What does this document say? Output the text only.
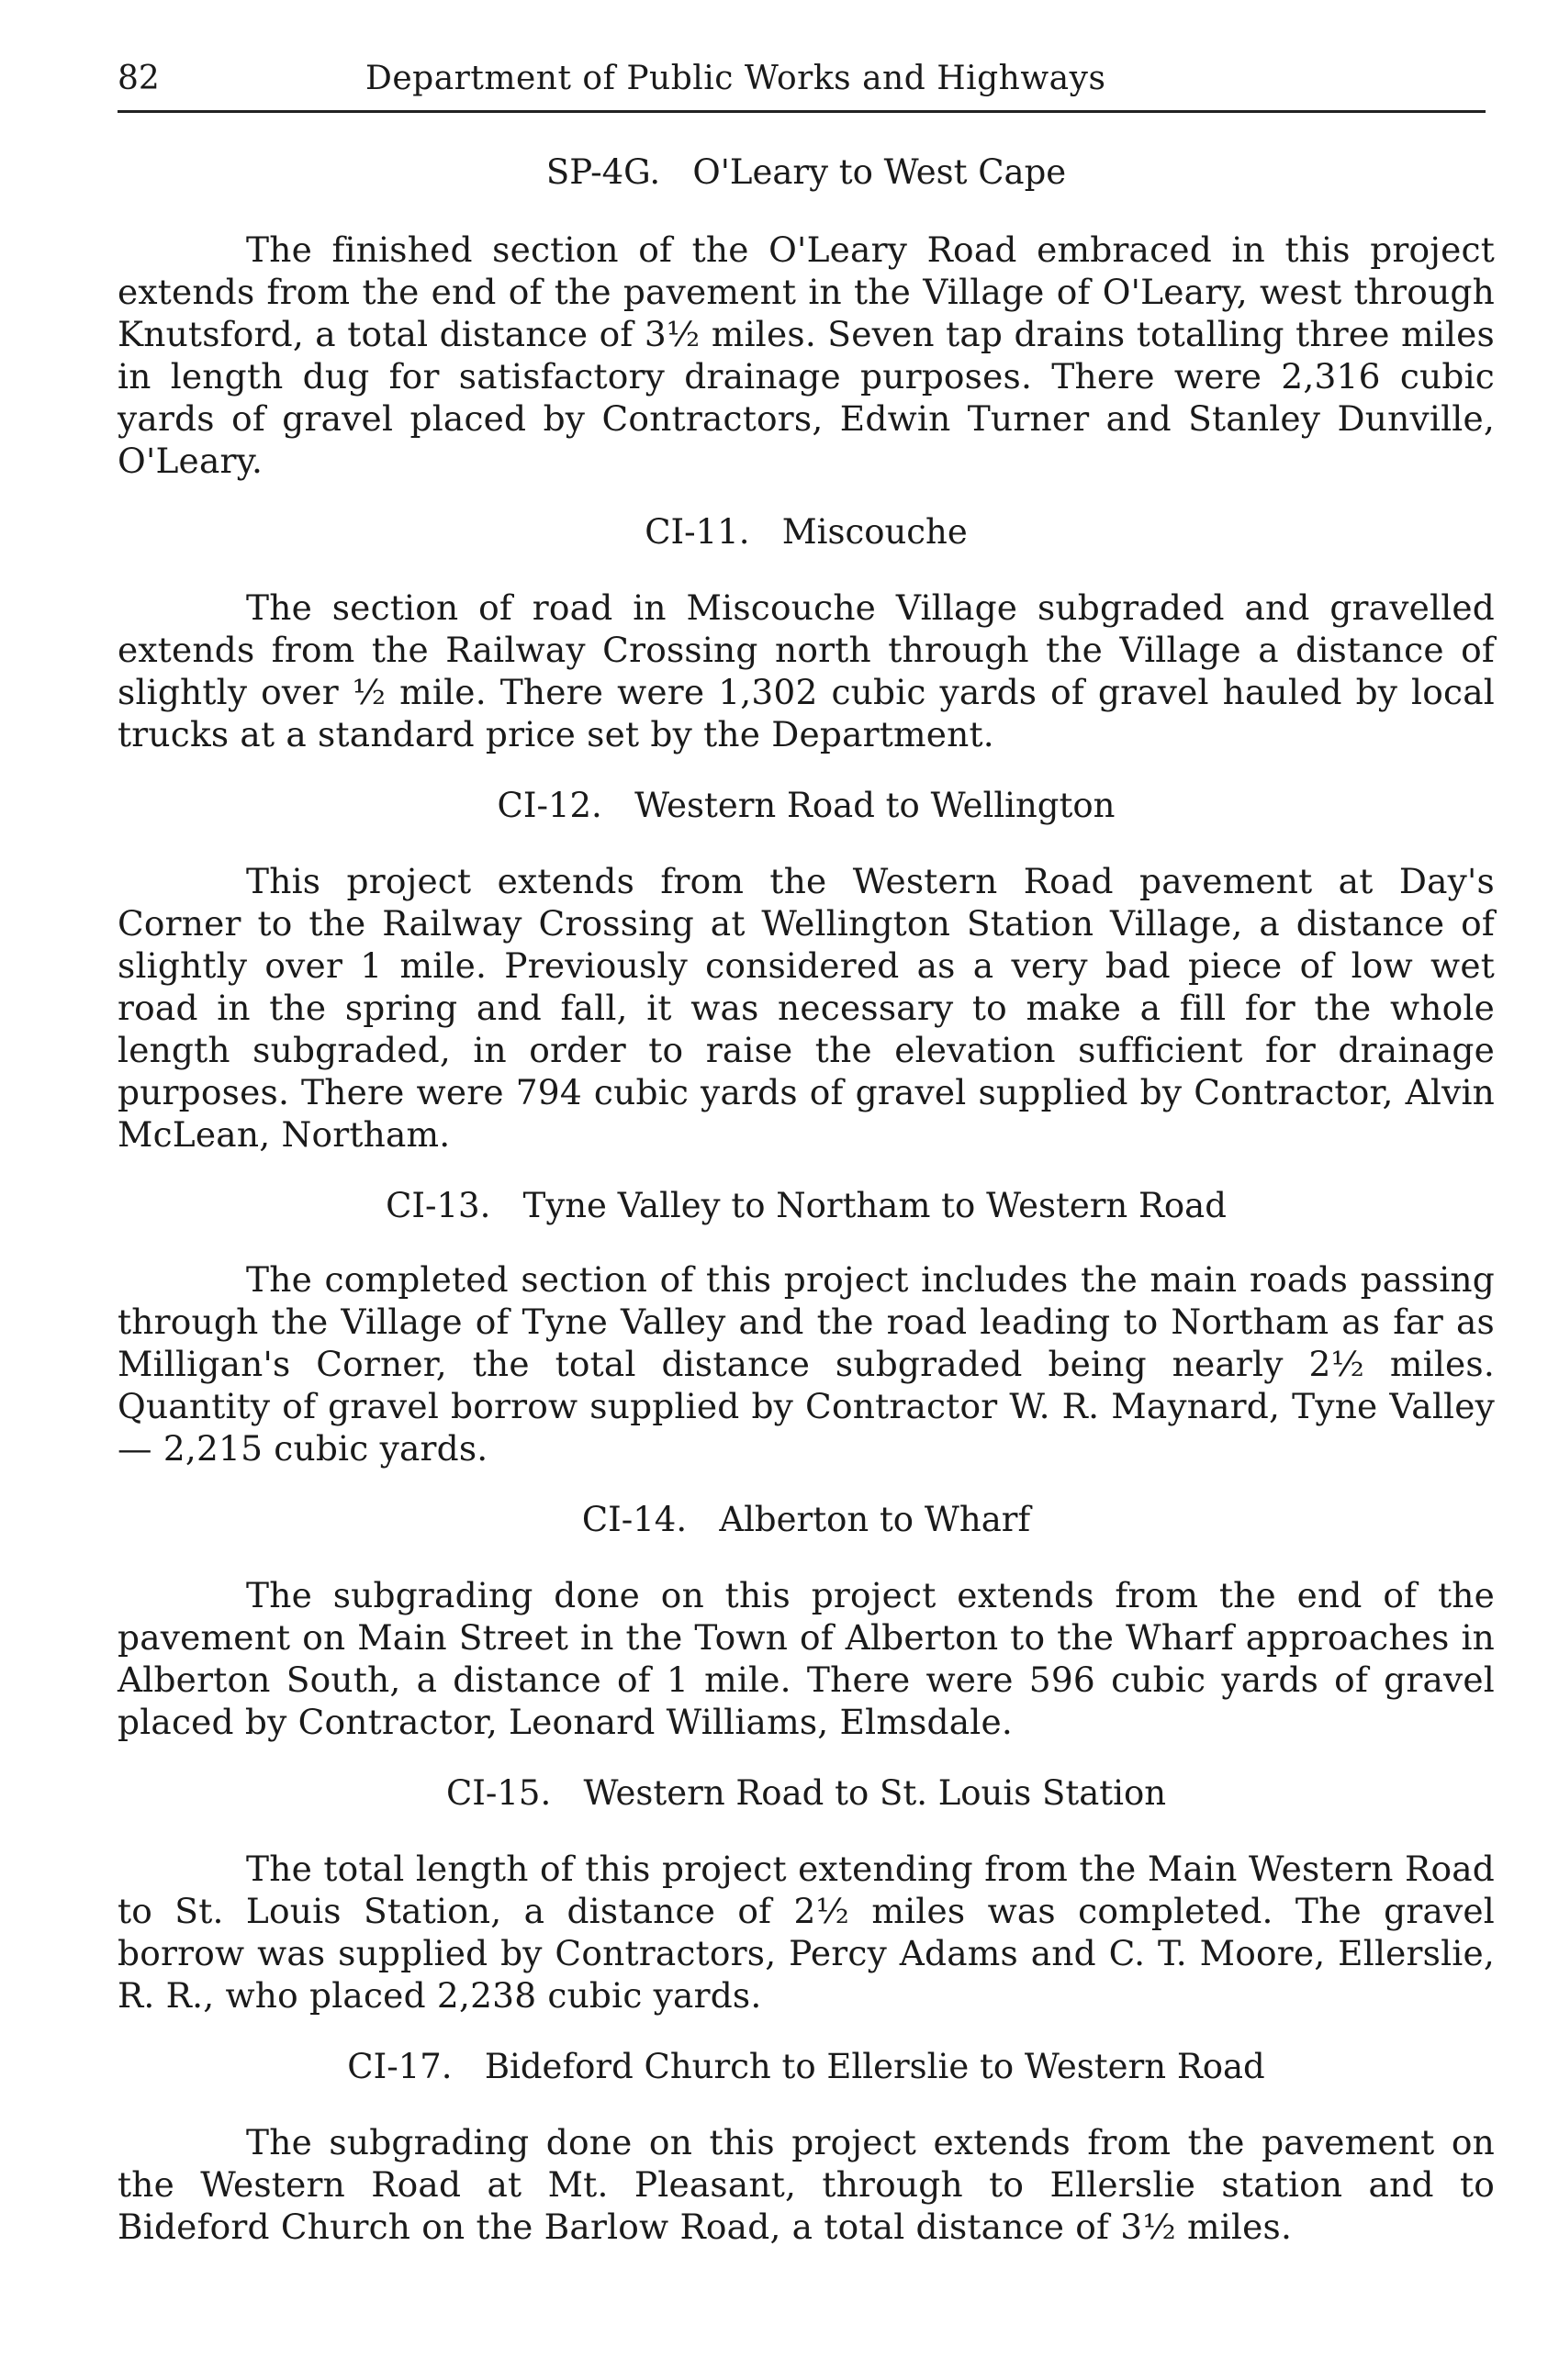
82	Department of Public Works and Highways

SP-4G.   O'Leary to West Cape

The finished section of the O'Leary Road embraced in this project extends from the end of the pavement in the Village of O'Leary, west through Knutsford, a total distance of 3½ miles. Seven tap drains totalling three miles in length dug for satisfactory drainage purposes. There were 2,316 cubic yards of gravel placed by Contractors, Edwin Turner and Stanley Dunville, O'Leary.

CI-11.   Miscouche

The section of road in Miscouche Village subgraded and gravelled extends from the Railway Crossing north through the Village a distance of slightly over ½ mile. There were 1,302 cubic yards of gravel hauled by local trucks at a standard price set by the Department.

CI-12.   Western Road to Wellington

This project extends from the Western Road pavement at Day's Corner to the Railway Crossing at Wellington Station Village, a distance of slightly over 1 mile. Previously considered as a very bad piece of low wet road in the spring and fall, it was necessary to make a fill for the whole length subgraded, in order to raise the elevation sufficient for drainage purposes. There were 794 cubic yards of gravel supplied by Contractor, Alvin McLean, Northam.

CI-13.   Tyne Valley to Northam to Western Road

The completed section of this project includes the main roads passing through the Village of Tyne Valley and the road leading to Northam as far as Milligan's Corner, the total distance subgraded being nearly 2½ miles. Quantity of gravel borrow supplied by Contractor W. R. Maynard, Tyne Valley — 2,215 cubic yards.

CI-14.   Alberton to Wharf

The subgrading done on this project extends from the end of the pavement on Main Street in the Town of Alberton to the Wharf approaches in Alberton South, a distance of 1 mile. There were 596 cubic yards of gravel placed by Contractor, Leonard Williams, Elmsdale.

CI-15.   Western Road to St. Louis Station

The total length of this project extending from the Main Western Road to St. Louis Station, a distance of 2½ miles was completed. The gravel borrow was supplied by Contractors, Percy Adams and C. T. Moore, Ellerslie, R. R., who placed 2,238 cubic yards.

CI-17.   Bideford Church to Ellerslie to Western Road

The subgrading done on this project extends from the pavement on the Western Road at Mt. Pleasant, through to Ellerslie station and to Bideford Church on the Barlow Road, a total distance of 3½ miles.
